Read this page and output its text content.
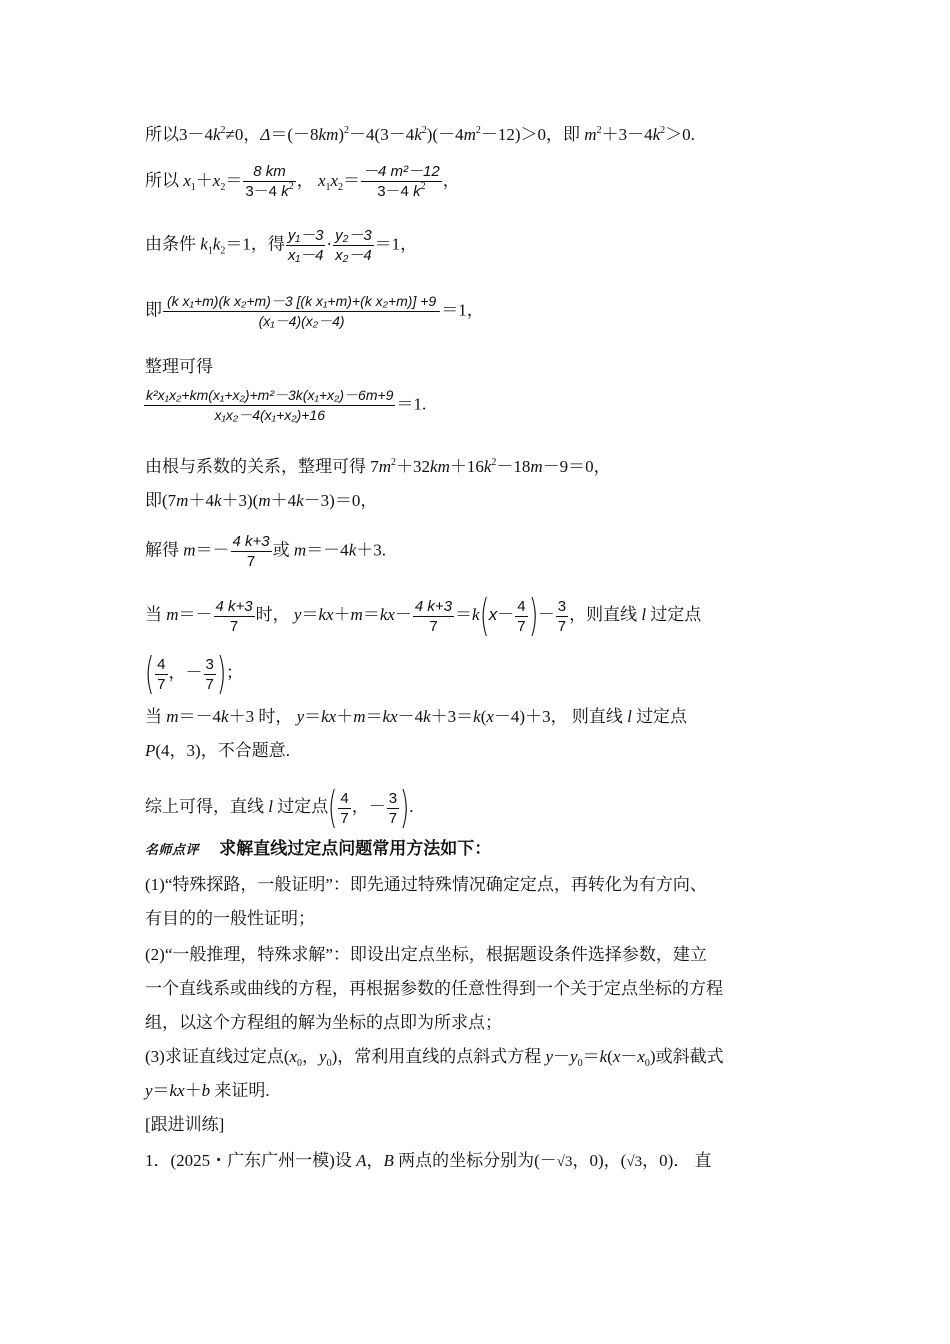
所以$3-4k^2\ne 0$，$\Delta=(-8km)^2-4(3-4k^2)(-4m^2-12)>0$，即 $m^2+3-4k^2>0$.
所以 $x_1+x_2= \frac{8 km}{3-4 k^2}$ ， $x_1x_2= \frac{\text{－4 m²－12}}{3-4 k^2}$ ，
由条件 $k_1k_2=1$，得 $\frac{\text{y₁－3}}{\text{x₁－4}} \cdot \frac{\text{y₂－3}}{\text{x₂－4}} =1$，
即 $\frac{\text{(k x₁+m)(k x₂+m)－3 [(k x₁+m)+(k x₂+m)] +9}}{\text{(x₁－4)(x₂－4)}} =1$，
整理可得
$\frac{\text{k²x₁x₂+km(x₁+x₂)+m²－3k(x₁+x₂)－6m+9}}{\text{x₁x₂－4(x₁+x₂)+16}} =1$.
由根与系数的关系，整理可得 $7m^2+32km+16k^2-18m-9=0$，
即(7m＋4k＋3)(m＋4k－3)＝0，
解得 $m=- \frac{4 k+3}{7}$ 或 m＝－4k＋3.
当 $m=- \frac{4 k+3}{7}$ 时， $y=kx+m=kx- \frac{4 k+3}{7} =k(x- \frac{4}{7}$ )－ $\frac{3}{7}$ ，则直线 l 过定点
( $\frac{4}{7}$ ，－ $\frac{3}{7}$ )；
当 m＝－4k＋3 时， y＝kx＋m＝kx－4k＋3＝k(x－4)＋3， 则直线 l 过定点
P(4，3)，不合题意.
综上可得，直线 l 过定点( $\frac{4}{7}$ ，－ $\frac{3}{7}$ ).
名师点评 求解直线过定点问题常用方法如下：
(1)“特殊探路，一般证明”：即先通过特殊情况确定定点，再转化为有方向、
有目的的一般性证明；
(2)“一般推理，特殊求解”：即设出定点坐标，根据题设条件选择参数，建立
一个直线系或曲线的方程，再根据参数的任意性得到一个关于定点坐标的方程
组，以这个方程组的解为坐标的点即为所求点；
(3)求证直线过定点($x_0$，$y_0$)，常利用直线的点斜式方程 $y-y_0=k(x-x_0)$或斜截式
y＝kx＋b 来证明.
[跟进训练]
1．(2025・广东广州一模)设 A，B 两点的坐标分别为(－√3，0)，(√3，0)． 直
